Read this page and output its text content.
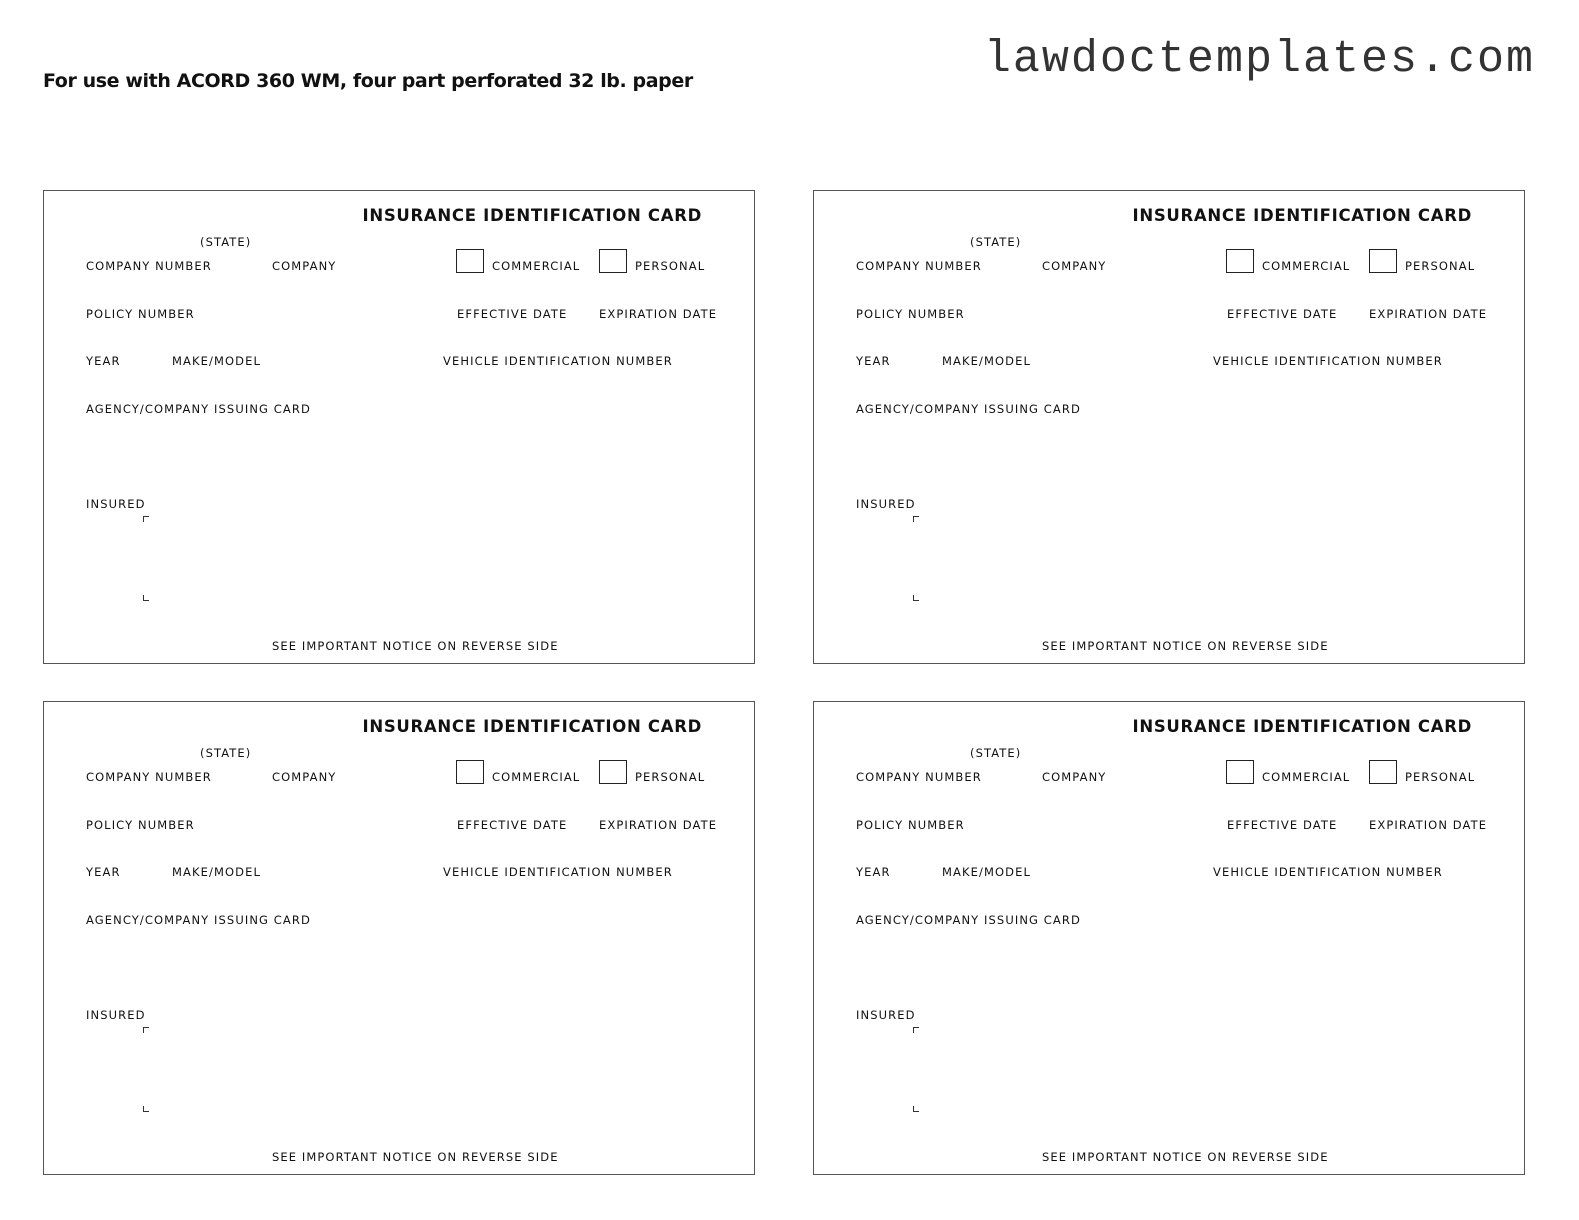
For use with ACORD 360 WM, four part perforated 32 lb. paper	lawdoctemplates.com
INSURANCE IDENTIFICATION CARD
(STATE)
COMPANY NUMBER	COMPANY	COMMERCIAL	PERSONAL
POLICY NUMBER	EFFECTIVE DATE	EXPIRATION DATE
YEAR	MAKE/MODEL	VEHICLE IDENTIFICATION NUMBER
AGENCY/COMPANY ISSUING CARD
INSURED
SEE IMPORTANT NOTICE ON REVERSE SIDE
INSURANCE IDENTIFICATION CARD
(STATE)
COMPANY NUMBER	COMPANY	COMMERCIAL	PERSONAL
POLICY NUMBER	EFFECTIVE DATE	EXPIRATION DATE
YEAR	MAKE/MODEL	VEHICLE IDENTIFICATION NUMBER
AGENCY/COMPANY ISSUING CARD
INSURED
SEE IMPORTANT NOTICE ON REVERSE SIDE
INSURANCE IDENTIFICATION CARD
(STATE)
COMPANY NUMBER	COMPANY	COMMERCIAL	PERSONAL
POLICY NUMBER	EFFECTIVE DATE	EXPIRATION DATE
YEAR	MAKE/MODEL	VEHICLE IDENTIFICATION NUMBER
AGENCY/COMPANY ISSUING CARD
INSURED
SEE IMPORTANT NOTICE ON REVERSE SIDE
INSURANCE IDENTIFICATION CARD
(STATE)
COMPANY NUMBER	COMPANY	COMMERCIAL	PERSONAL
POLICY NUMBER	EFFECTIVE DATE	EXPIRATION DATE
YEAR	MAKE/MODEL	VEHICLE IDENTIFICATION NUMBER
AGENCY/COMPANY ISSUING CARD
INSURED
SEE IMPORTANT NOTICE ON REVERSE SIDE
